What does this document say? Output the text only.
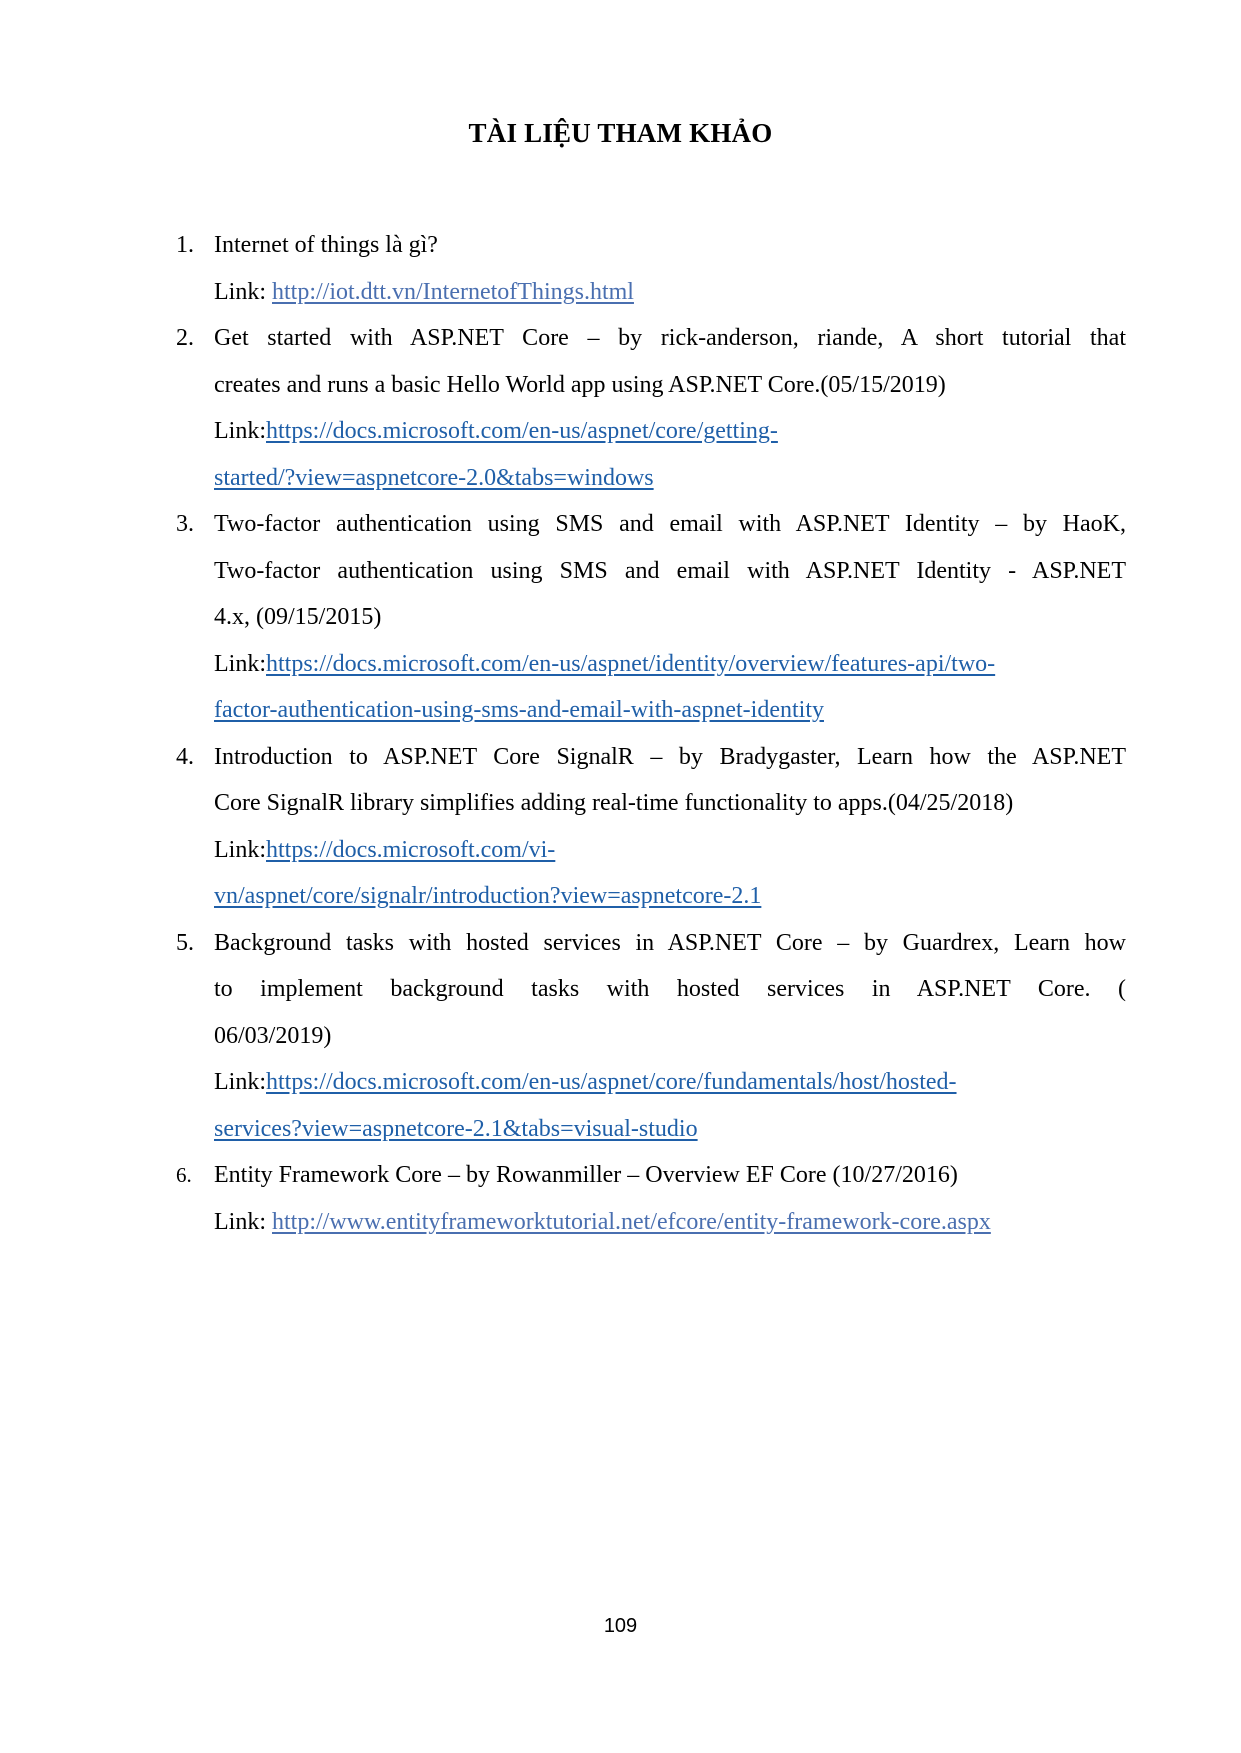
TÀI LIỆU THAM KHẢO
1. Internet of things là gì?
Link: http://iot.dtt.vn/InternetofThings.html
2. Get started with ASP.NET Core – by rick-anderson, riande, A short tutorial that
creates and runs a basic Hello World app using ASP.NET Core.(05/15/2019)
Link:https://docs.microsoft.com/en-us/aspnet/core/getting-
started/?view=aspnetcore-2.0&tabs=windows
3. Two-factor authentication using SMS and email with ASP.NET Identity – by HaoK,
Two-factor authentication using SMS and email with ASP.NET Identity - ASP.NET
4.x, (09/15/2015)
Link:https://docs.microsoft.com/en-us/aspnet/identity/overview/features-api/two-
factor-authentication-using-sms-and-email-with-aspnet-identity
4. Introduction to ASP.NET Core SignalR – by Bradygaster, Learn how the ASP.NET
Core SignalR library simplifies adding real-time functionality to apps.(04/25/2018)
Link:https://docs.microsoft.com/vi-
vn/aspnet/core/signalr/introduction?view=aspnetcore-2.1
5. Background tasks with hosted services in ASP.NET Core – by Guardrex, Learn how
to implement background tasks with hosted services in ASP.NET Core. (
06/03/2019)
Link:https://docs.microsoft.com/en-us/aspnet/core/fundamentals/host/hosted-
services?view=aspnetcore-2.1&tabs=visual-studio
6. Entity Framework Core – by Rowanmiller – Overview EF Core (10/27/2016)
Link: http://www.entityframeworktutorial.net/efcore/entity-framework-core.aspx
109
